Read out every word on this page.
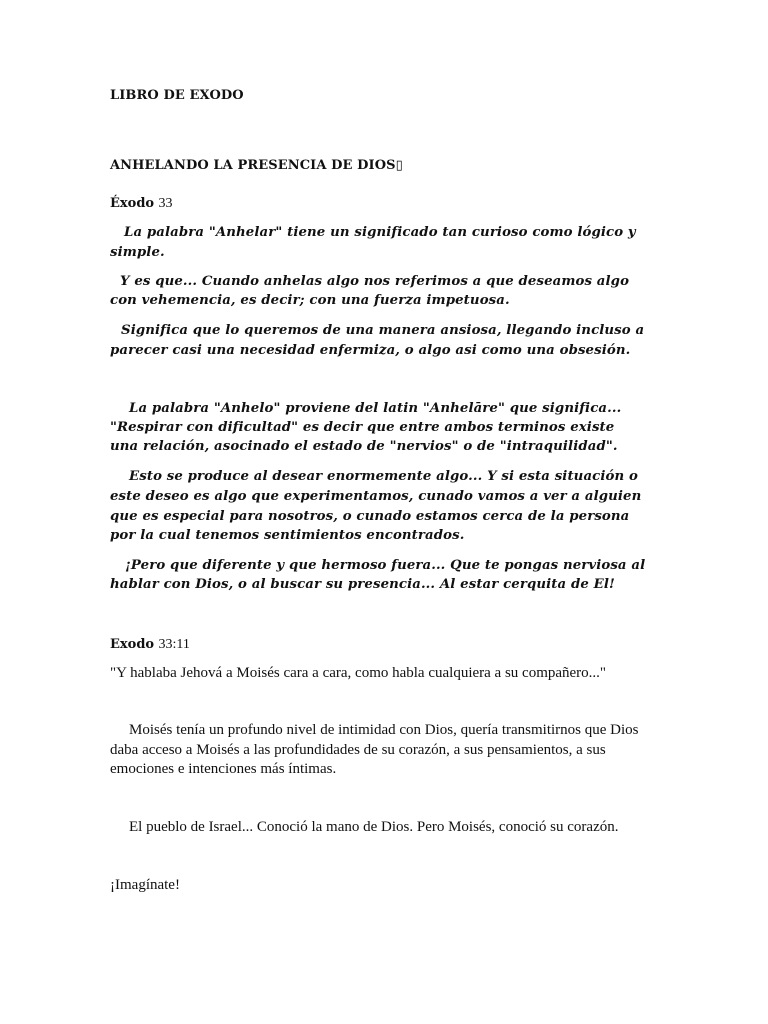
LIBRO DE EXODO
ANHELANDO LA PRESENCIA DE DIOS▯
Éxodo 33
La palabra "Anhelar" tiene un significado tan curioso como lógico y
simple.
Y es que... Cuando anhelas algo nos referimos a que deseamos algo
con vehemencia, es decir; con una fuerza impetuosa.
Significa que lo queremos de una manera ansiosa, llegando incluso a
parecer casi una necesidad enfermiza, o algo asi como una obsesión.
La palabra "Anhelo" proviene del latin "Anhelāre" que significa...
"Respirar con dificultad" es decir que entre ambos terminos existe
una relación, asocinado el estado de "nervios" o de "intraquilidad".
Esto se produce al desear enormemente algo... Y si esta situación o
este deseo es algo que experimentamos, cunado vamos a ver a alguien
que es especial para nosotros, o cunado estamos cerca de la persona
por la cual tenemos sentimientos encontrados.
¡Pero que diferente y que hermoso fuera... Que te pongas nerviosa al
hablar con Dios, o al buscar su presencia... Al estar cerquita de El!
Exodo 33:11
"Y hablaba Jehová a Moisés cara a cara, como habla cualquiera a su compañero..."
Moisés tenía un profundo nivel de intimidad con Dios, quería transmitirnos que Dios
daba acceso a Moisés a las profundidades de su corazón, a sus pensamientos, a sus
emociones e intenciones más íntimas.
El pueblo de Israel... Conoció la mano de Dios. Pero Moisés, conoció su corazón.
¡Imagínate!
